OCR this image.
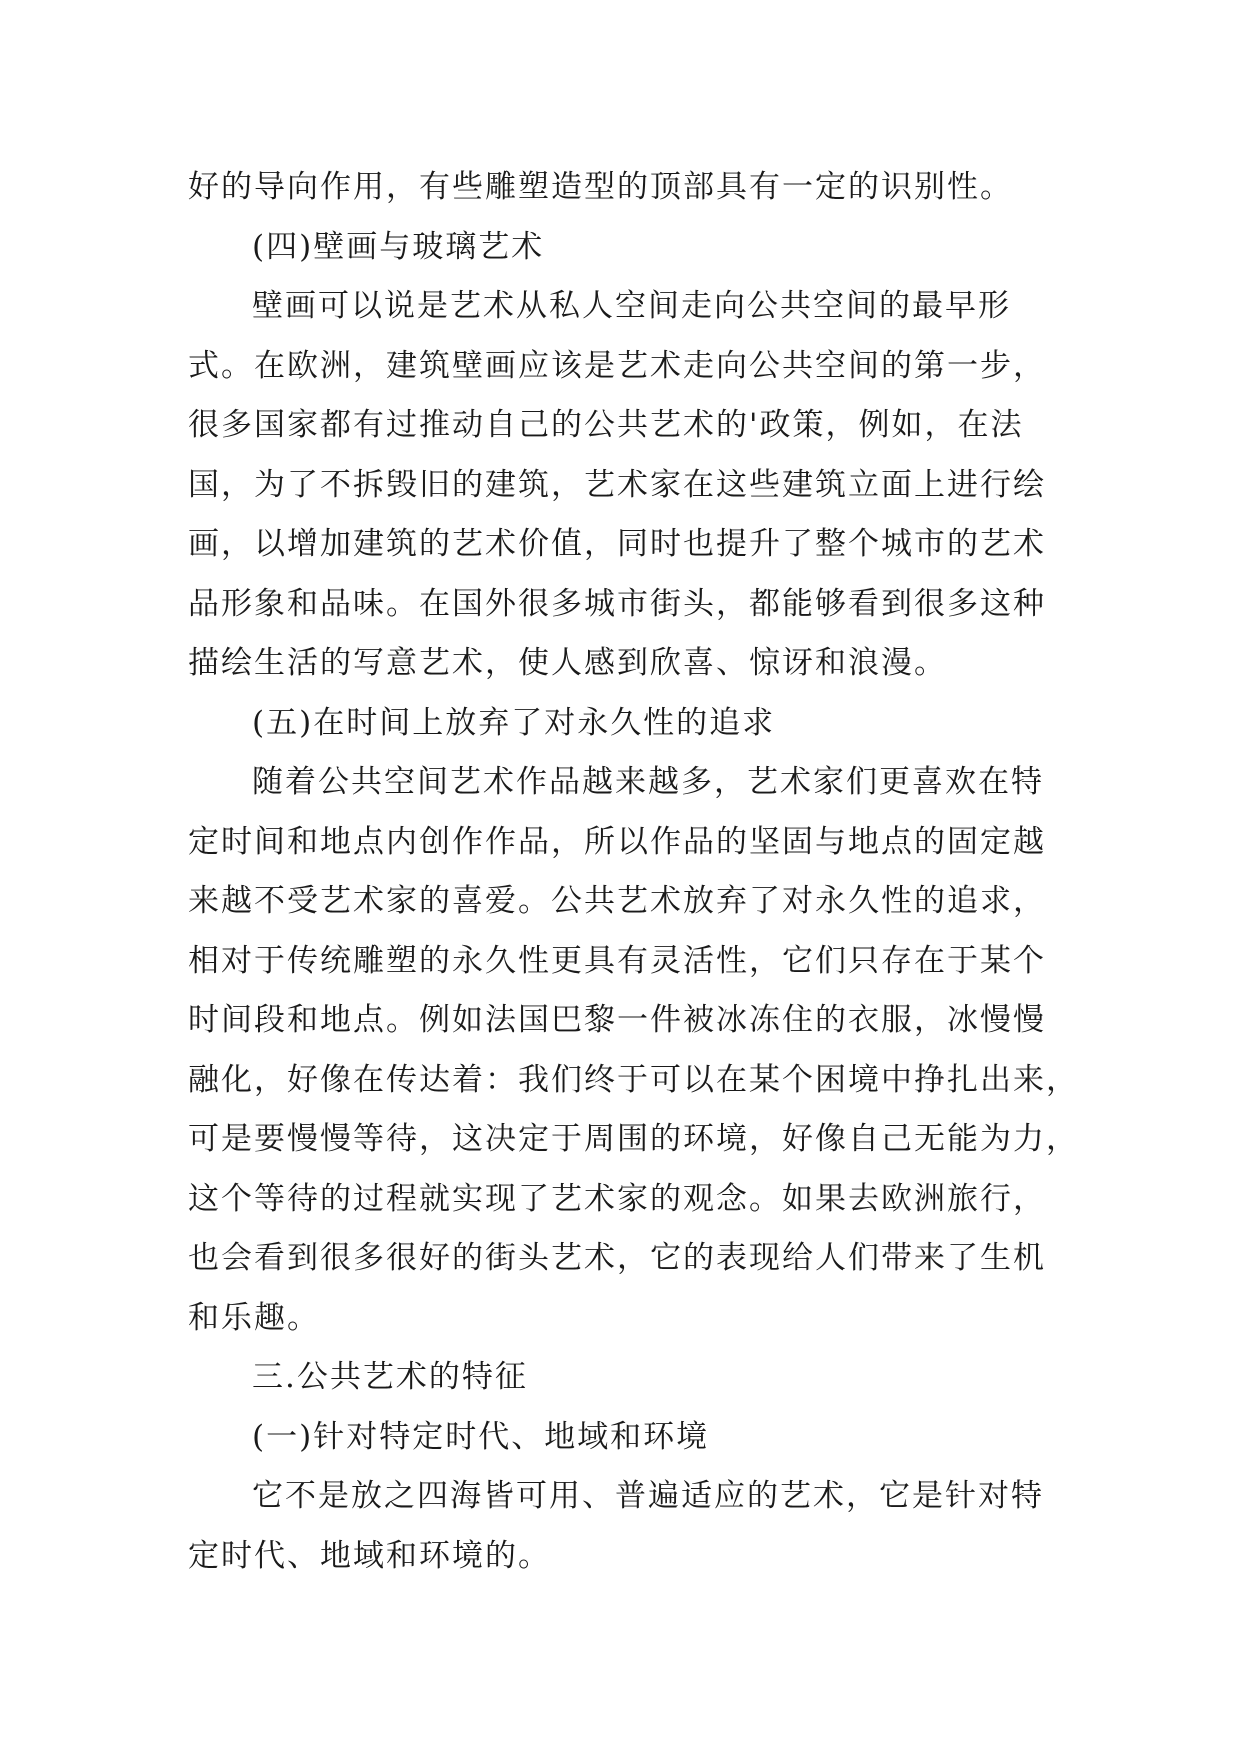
好的导向作用，有些雕塑造型的顶部具有一定的识别性。
(四)壁画与玻璃艺术
壁画可以说是艺术从私人空间走向公共空间的最早形
式。在欧洲，建筑壁画应该是艺术走向公共空间的第一步，
很多国家都有过推动自己的公共艺术的'政策，例如，在法
国，为了不拆毁旧的建筑，艺术家在这些建筑立面上进行绘
画，以增加建筑的艺术价值，同时也提升了整个城市的艺术
品形象和品味。在国外很多城市街头，都能够看到很多这种
描绘生活的写意艺术，使人感到欣喜、惊讶和浪漫。
(五)在时间上放弃了对永久性的追求
随着公共空间艺术作品越来越多，艺术家们更喜欢在特
定时间和地点内创作作品，所以作品的坚固与地点的固定越
来越不受艺术家的喜爱。公共艺术放弃了对永久性的追求，
相对于传统雕塑的永久性更具有灵活性，它们只存在于某个
时间段和地点。例如法国巴黎一件被冰冻住的衣服，冰慢慢
融化，好像在传达着：我们终于可以在某个困境中挣扎出来，
可是要慢慢等待，这决定于周围的环境，好像自己无能为力，
这个等待的过程就实现了艺术家的观念。如果去欧洲旅行，
也会看到很多很好的街头艺术，它的表现给人们带来了生机
和乐趣。
三.公共艺术的特征
(一)针对特定时代、地域和环境
它不是放之四海皆可用、普遍适应的艺术，它是针对特
定时代、地域和环境的。
